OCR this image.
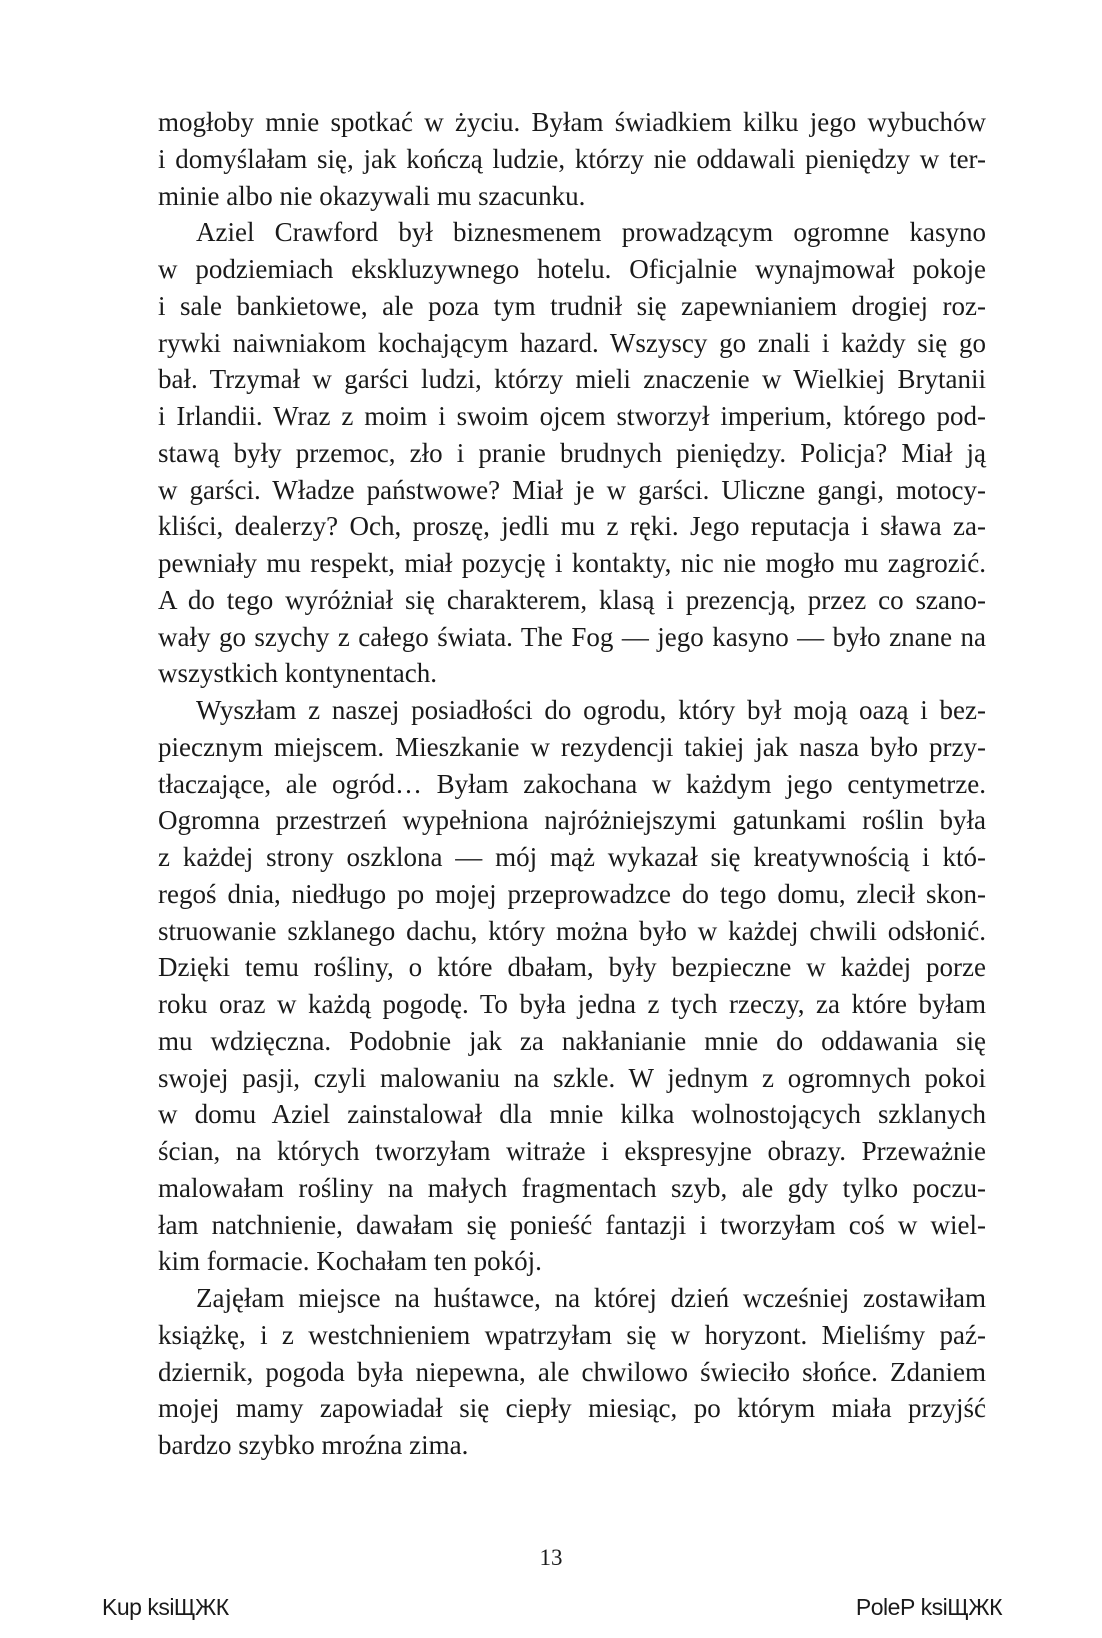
mogłoby mnie spotkać w życiu. Byłam świadkiem kilku jego wybuchów
i domyślałam się, jak kończą ludzie, którzy nie oddawali pieniędzy w ter-
minie albo nie okazywali mu szacunku.
Aziel Crawford był biznesmenem prowadzącym ogromne kasyno
w podziemiach ekskluzywnego hotelu. Oficjalnie wynajmował pokoje
i sale bankietowe, ale poza tym trudnił się zapewnianiem drogiej roz-
rywki naiwniakom kochającym hazard. Wszyscy go znali i każdy się go
bał. Trzymał w garści ludzi, którzy mieli znaczenie w Wielkiej Brytanii
i Irlandii. Wraz z moim i swoim ojcem stworzył imperium, którego pod-
stawą były przemoc, zło i pranie brudnych pieniędzy. Policja? Miał ją
w garści. Władze państwowe? Miał je w garści. Uliczne gangi, motocy-
kliści, dealerzy? Och, proszę, jedli mu z ręki. Jego reputacja i sława za-
pewniały mu respekt, miał pozycję i kontakty, nic nie mogło mu zagrozić.
A do tego wyróżniał się charakterem, klasą i prezencją, przez co szano-
wały go szychy z całego świata. The Fog — jego kasyno — było znane na
wszystkich kontynentach.
Wyszłam z naszej posiadłości do ogrodu, który był moją oazą i bez-
piecznym miejscem. Mieszkanie w rezydencji takiej jak nasza było przy-
tłaczające, ale ogród… Byłam zakochana w każdym jego centymetrze.
Ogromna przestrzeń wypełniona najróżniejszymi gatunkami roślin była
z każdej strony oszklona — mój mąż wykazał się kreatywnością i któ-
regoś dnia, niedługo po mojej przeprowadzce do tego domu, zlecił skon-
struowanie szklanego dachu, który można było w każdej chwili odsłonić.
Dzięki temu rośliny, o które dbałam, były bezpieczne w każdej porze
roku oraz w każdą pogodę. To była jedna z tych rzeczy, za które byłam
mu wdzięczna. Podobnie jak za nakłanianie mnie do oddawania się
swojej pasji, czyli malowaniu na szkle. W jednym z ogromnych pokoi
w domu Aziel zainstalował dla mnie kilka wolnostojących szklanych
ścian, na których tworzyłam witraże i ekspresyjne obrazy. Przeważnie
malowałam rośliny na małych fragmentach szyb, ale gdy tylko poczu-
łam natchnienie, dawałam się ponieść fantazji i tworzyłam coś w wiel-
kim formacie. Kochałam ten pokój.
Zajęłam miejsce na huśtawce, na której dzień wcześniej zostawiłam
książkę, i z westchnieniem wpatrzyłam się w horyzont. Mieliśmy paź-
dziernik, pogoda była niepewna, ale chwilowo świeciło słońce. Zdaniem
mojej mamy zapowiadał się ciepły miesiąc, po którym miała przyjść
bardzo szybko mroźna zima.
13
Kup ksiЩЖК	PoleР ksiЩЖК
